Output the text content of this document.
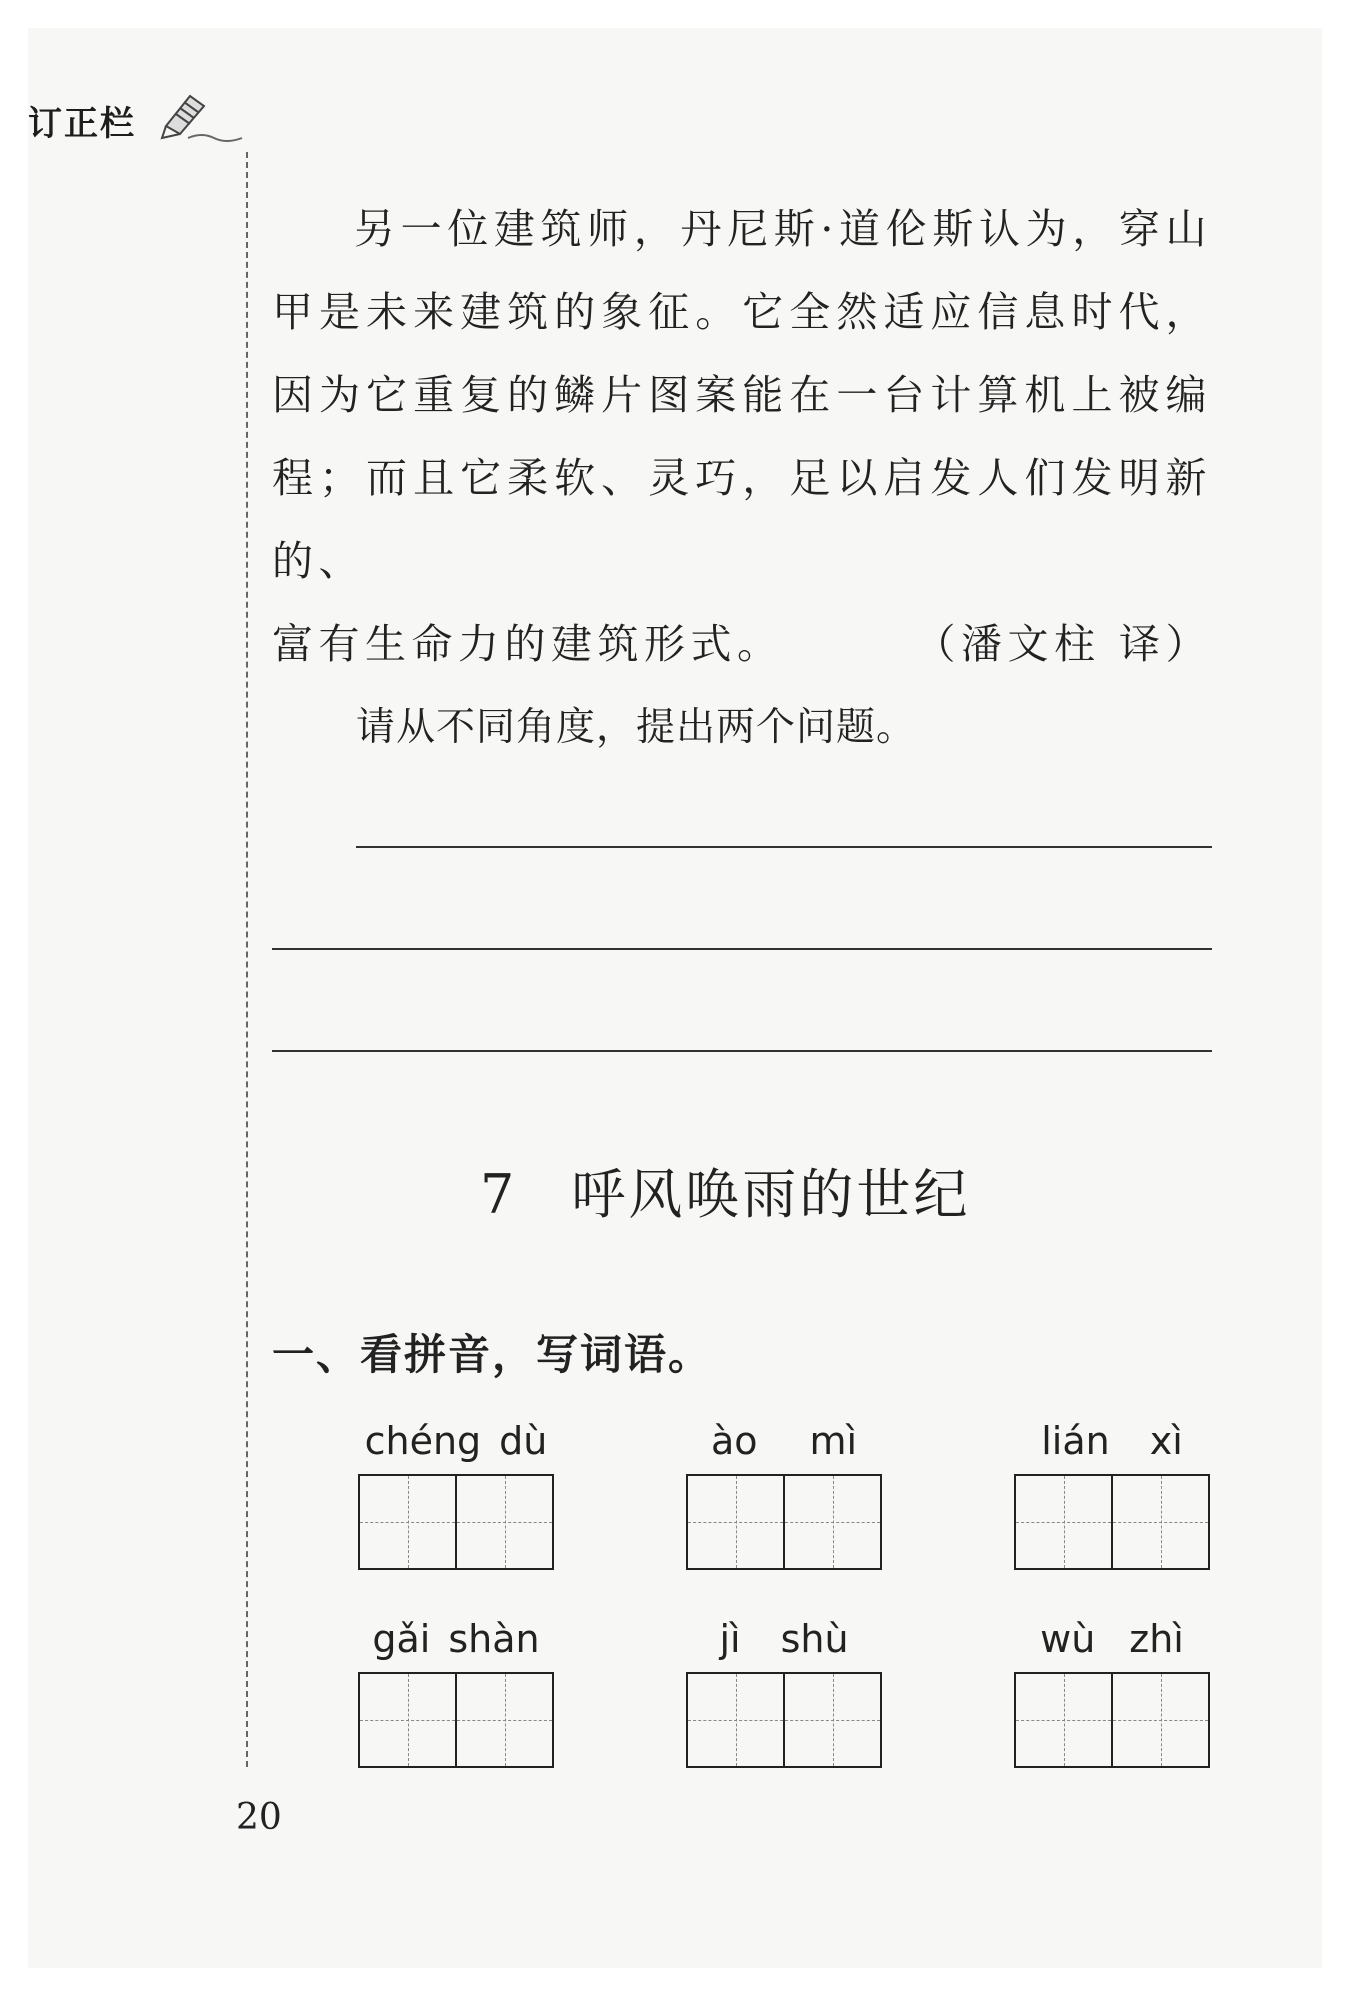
订正栏

另一位建筑师，丹尼斯·道伦斯认为，穿山甲是未来建筑的象征。它全然适应信息时代，因为它重复的鳞片图案能在一台计算机上被编程；而且它柔软、灵巧，足以启发人们发明新的、

富有生命力的建筑形式。	（潘文柱 译）

请从不同角度，提出两个问题。
7 呼风唤雨的世纪
一、看拼音，写词语。
chéng dù	ào mì	lián xì
gǎi shàn	jì shù	wù zhì
20
